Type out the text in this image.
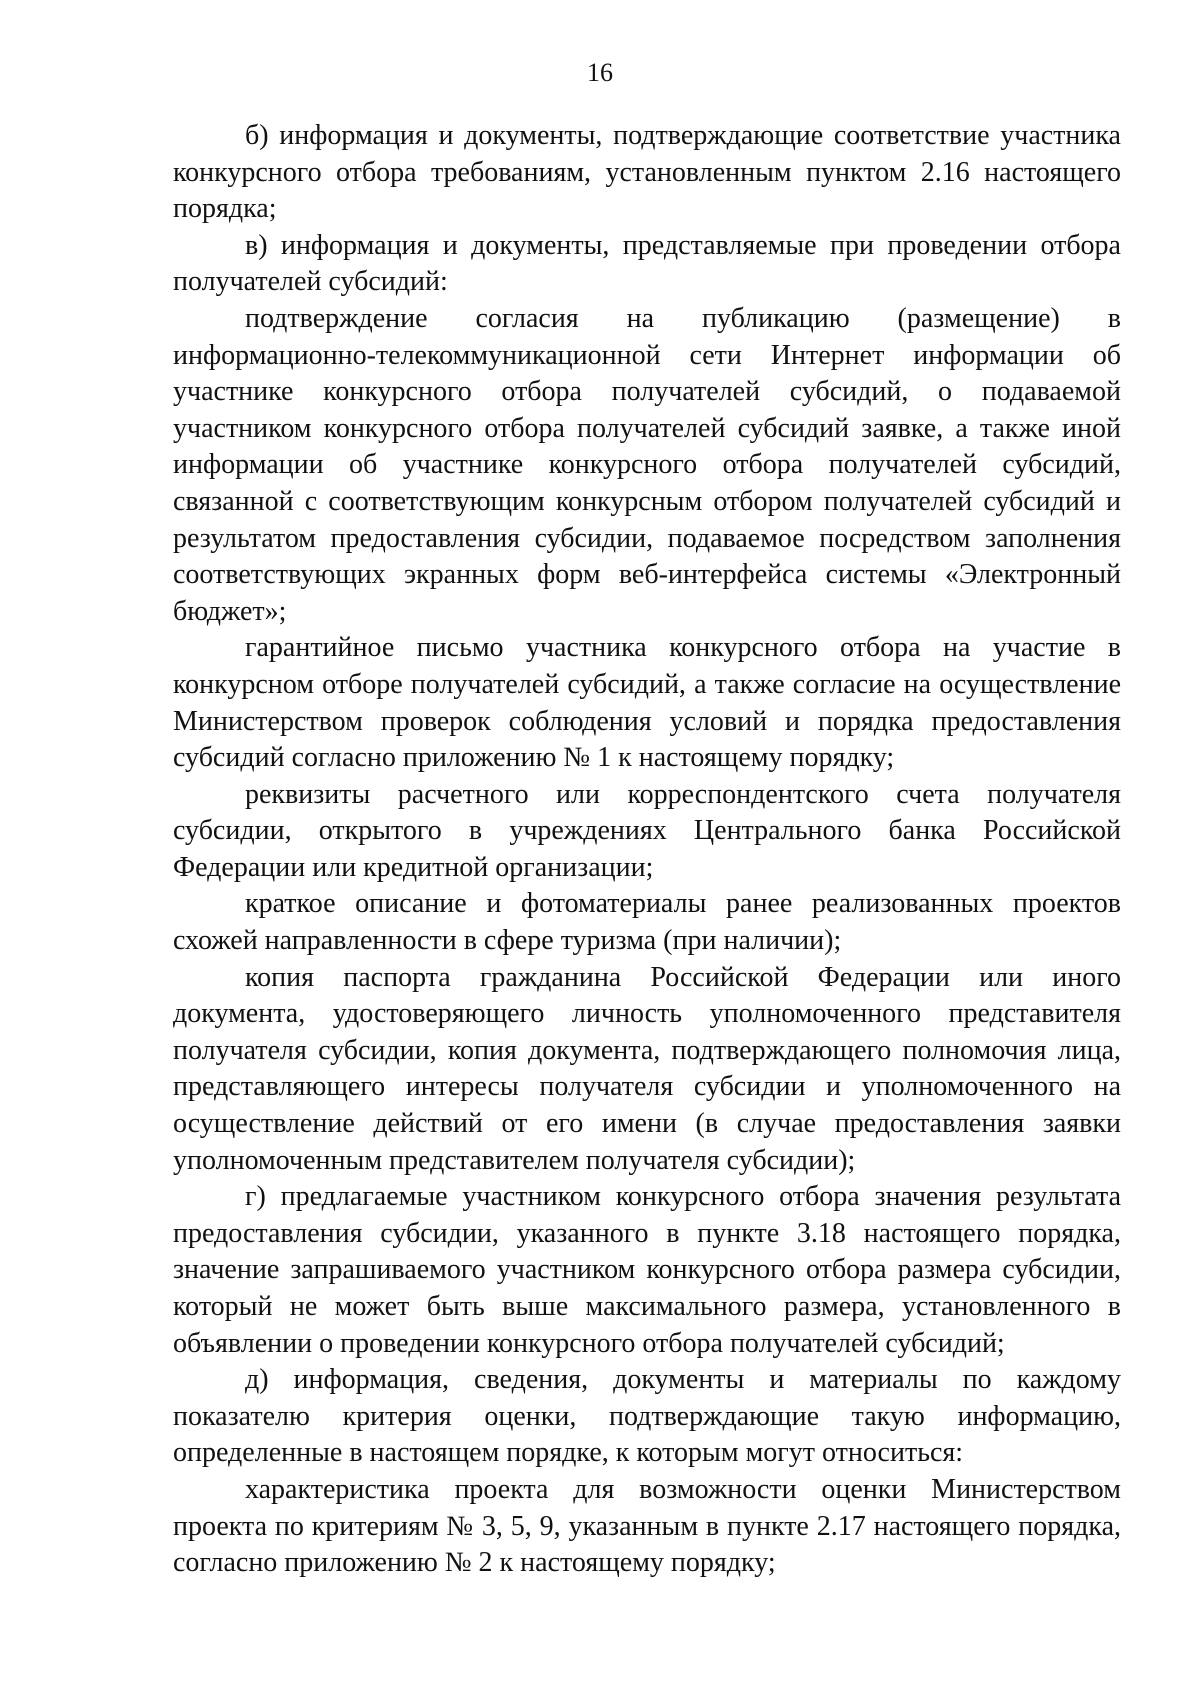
16

б) информация и документы, подтверждающие соответствие участника конкурсного отбора требованиям, установленным пунктом 2.16 настоящего порядка;

в) информация и документы, представляемые при проведении отбора получателей субсидий:

подтверждение согласия на публикацию (размещение) в информационно-телекоммуникационной сети Интернет информации об участнике конкурсного отбора получателей субсидий, о подаваемой участником конкурсного отбора получателей субсидий заявке, а также иной информации об участнике конкурсного отбора получателей субсидий, связанной с соответствующим конкурсным отбором получателей субсидий и результатом предоставления субсидии, подаваемое посредством заполнения соответствующих экранных форм веб-интерфейса системы «Электронный бюджет»;

гарантийное письмо участника конкурсного отбора на участие в конкурсном отборе получателей субсидий, а также согласие на осуществление Министерством проверок соблюдения условий и порядка предоставления субсидий согласно приложению № 1 к настоящему порядку;

реквизиты расчетного или корреспондентского счета получателя субсидии, открытого в учреждениях Центрального банка Российской Федерации или кредитной организации;

краткое описание и фотоматериалы ранее реализованных проектов схожей направленности в сфере туризма (при наличии);

копия паспорта гражданина Российской Федерации или иного документа, удостоверяющего личность уполномоченного представителя получателя субсидии, копия документа, подтверждающего полномочия лица, представляющего интересы получателя субсидии и уполномоченного на осуществление действий от его имени (в случае предоставления заявки уполномоченным представителем получателя субсидии);

г) предлагаемые участником конкурсного отбора значения результата предоставления субсидии, указанного в пункте 3.18 настоящего порядка, значение запрашиваемого участником конкурсного отбора размера субсидии, который не может быть выше максимального размера, установленного в объявлении о проведении конкурсного отбора получателей субсидий;

д) информация, сведения, документы и материалы по каждому показателю критерия оценки, подтверждающие такую информацию, определенные в настоящем порядке, к которым могут относиться:

характеристика проекта для возможности оценки Министерством проекта по критериям № 3, 5, 9, указанным в пункте 2.17 настоящего порядка, согласно приложению № 2 к настоящему порядку;
